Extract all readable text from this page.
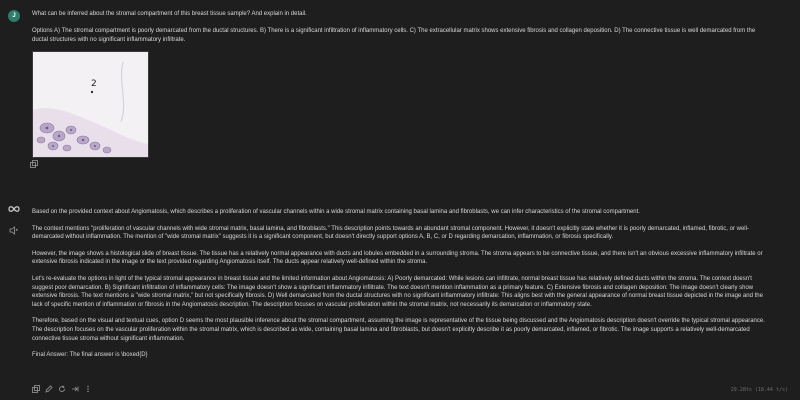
J	What can be inferred about the stromal compartment of this breast tissue sample? And explain in detail.

Options A) The stromal compartment is poorly demarcated from the ductal structures. B) There is a significant infiltration of inflammatory cells. C) The extracellular matrix shows extensive fibrosis and collagen deposition. D) The connective tissue is well demarcated from the ductal structures with no significant inflammatory infiltrate.

2

Based on the provided context about Angiomatosis, which describes a proliferation of vascular channels within a wide stromal matrix containing basal lamina and fibroblasts, we can infer characteristics of the stromal compartment.

The context mentions "proliferation of vascular channels with wide stromal matrix, basal lamina, and fibroblasts." This description points towards an abundant stromal component. However, it doesn't explicitly state whether it is poorly demarcated, inflamed, fibrotic, or well-demarcated without inflammation. The mention of "wide stromal matrix" suggests it is a significant component, but doesn't directly support options A, B, C, or D regarding demarcation, inflammation, or fibrosis specifically.

However, the image shows a histological slide of breast tissue. The tissue has a relatively normal appearance with ducts and lobules embedded in a surrounding stroma. The stroma appears to be connective tissue, and there isn't an obvious excessive inflammatory infiltrate or extensive fibrosis indicated in the image or the text provided regarding Angiomatosis itself. The ducts appear relatively well-defined within the stroma.

Let's re-evaluate the options in light of the typical stromal appearance in breast tissue and the limited information about Angiomatosis: A) Poorly demarcated: While lesions can infiltrate, normal breast tissue has relatively defined ducts within the stroma. The context doesn't suggest poor demarcation. B) Significant infiltration of inflammatory cells: The image doesn't show a significant inflammatory infiltrate. The text doesn't mention inflammation as a primary feature. C) Extensive fibrosis and collagen deposition: The image doesn't clearly show extensive fibrosis. The text mentions a "wide stromal matrix," but not specifically fibrosis. D) Well demarcated from the ductal structures with no significant inflammatory infiltrate: This aligns best with the general appearance of normal breast tissue depicted in the image and the lack of specific mention of inflammation or fibrosis in the Angiomatosis description. The description focuses on vascular proliferation within the stromal matrix, not necessarily its demarcation or inflammatory state.

Therefore, based on the visual and textual cues, option D seems the most plausible inference about the stromal compartment, assuming the image is representative of the tissue being discussed and the Angiomatosis description doesn't override the typical stromal appearance. The description focuses on the vascular proliferation within the stromal matrix, which is described as wide, containing basal lamina and fibroblasts, but doesn't explicitly describe it as poorly demarcated, inflamed, or fibrotic. The image supports a relatively well-demarcated connective tissue stroma without significant inflammation.

Final Answer: The final answer is \boxed{D}

29.28ts (18.44 t/s)
